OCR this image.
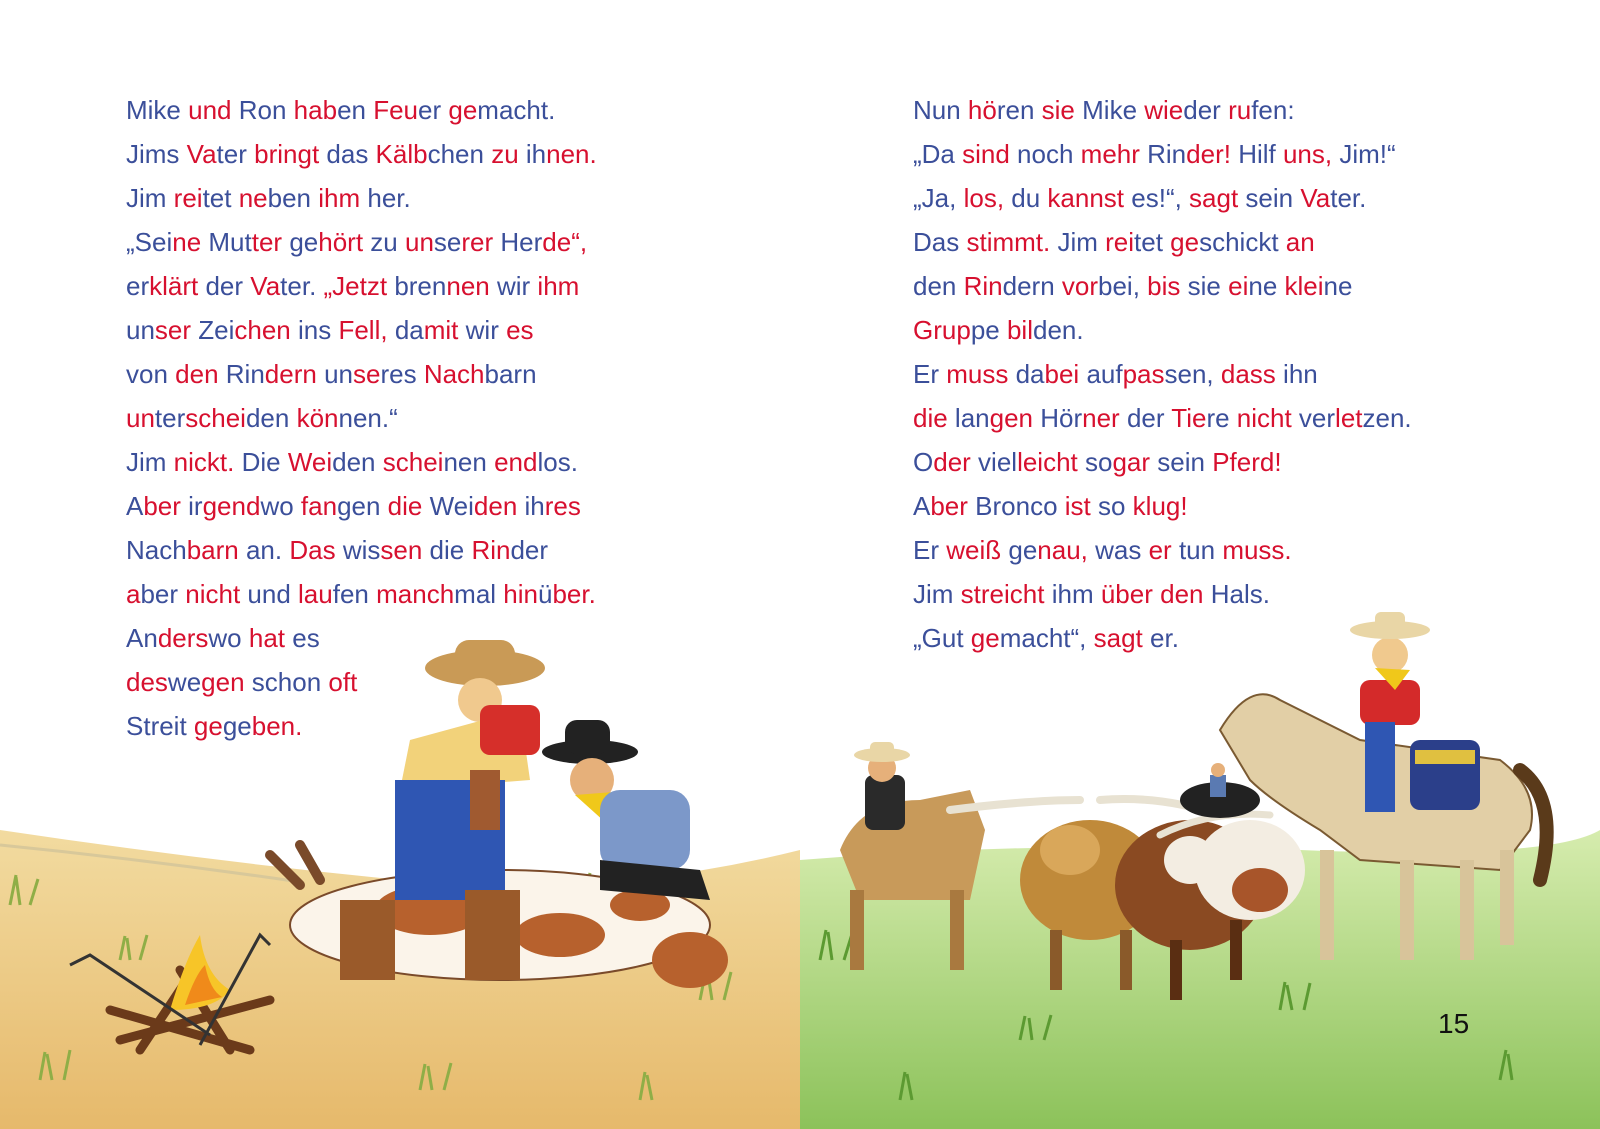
Mike und Ron haben Feuer gemacht.
Jims Vater bringt das Kälbchen zu ihnen.
Jim reitet neben ihm her.
„Seine Mutter gehört zu unserer Herde“,
erklärt der Vater. „Jetzt brennen wir ihm
unser Zeichen ins Fell, damit wir es
von den Rindern unseres Nachbarn
unterscheiden können.“
Jim nickt. Die Weiden scheinen endlos.
Aber irgendwo fangen die Weiden ihres
Nachbarn an. Das wissen die Rinder
aber nicht und laufen manchmal hinüber.
Anderswo hat es
deswegen schon oft
Streit gegeben.
Nun hören sie Mike wieder rufen:
„Da sind noch mehr Rinder! Hilf uns, Jim!“
„Ja, los, du kannst es!“, sagt sein Vater.
Das stimmt. Jim reitet geschickt an
den Rindern vorbei, bis sie eine kleine
Gruppe bilden.
Er muss dabei aufpassen, dass ihn
die langen Hörner der Tiere nicht verletzen.
Oder vielleicht sogar sein Pferd!
Aber Bronco ist so klug!
Er weiß genau, was er tun muss.
Jim streicht ihm über den Hals.
„Gut gemacht“, sagt er.
15
